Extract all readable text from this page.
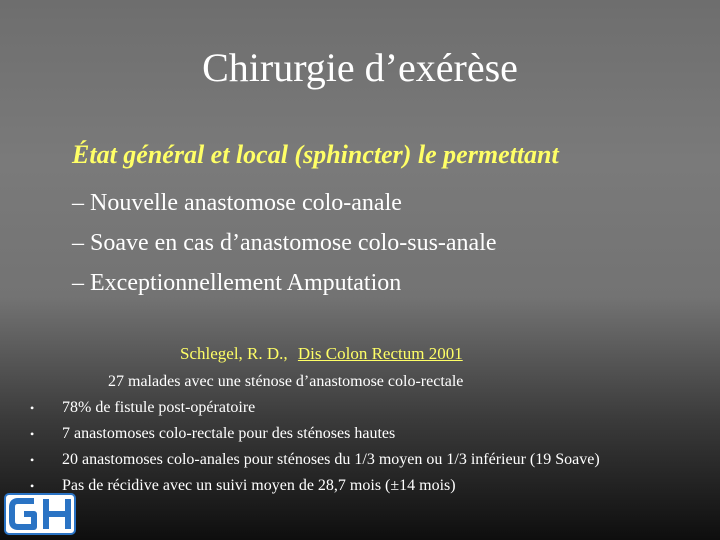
Chirurgie d’exérèse
État général et local (sphincter) le permettant
– Nouvelle anastomose colo-anale
– Soave en cas d’anastomose colo-sus-anale
– Exceptionnellement Amputation
Schlegel, R. D., Dis Colon Rectum 2001
27 malades avec une sténose d’anastomose colo-rectale
• 78% de fistule post-opératoire
• 7 anastomoses colo-rectale pour des sténoses hautes
• 20 anastomoses colo-anales pour sténoses du 1/3 moyen ou 1/3 inférieur (19 Soave)
• Pas de récidive avec un suivi moyen de 28,7 mois (±14 mois)
